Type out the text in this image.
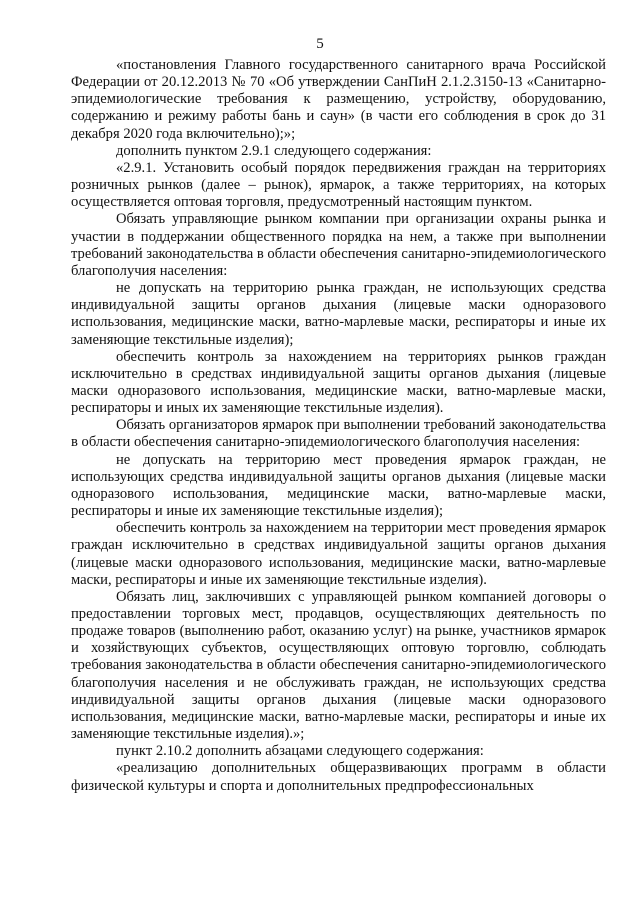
5

«постановления Главного государственного санитарного врача Российской Федерации от 20.12.2013 № 70 «Об утверждении СанПиН 2.1.2.3150-13 «Санитарно-эпидемиологические требования к размещению, устройству, оборудованию, содержанию и режиму работы бань и саун» (в части его соблюдения в срок до 31 декабря 2020 года включительно);»;

дополнить пунктом 2.9.1 следующего содержания:

«2.9.1. Установить особый порядок передвижения граждан на территориях розничных рынков (далее – рынок), ярмарок, а также территориях, на которых осуществляется оптовая торговля, предусмотренный настоящим пунктом.

Обязать управляющие рынком компании при организации охраны рынка и участии в поддержании общественного порядка на нем, а также при выполнении требований законодательства в области обеспечения санитарно-эпидемиологического благополучия населения:

не допускать на территорию рынка граждан, не использующих средства индивидуальной защиты органов дыхания (лицевые маски одноразового использования, медицинские маски, ватно-марлевые маски, респираторы и иные их заменяющие текстильные изделия);

обеспечить контроль за нахождением на территориях рынков граждан исключительно в средствах индивидуальной защиты органов дыхания (лицевые маски одноразового использования, медицинские маски, ватно-марлевые маски, респираторы и иных их заменяющие текстильные изделия).

Обязать организаторов ярмарок при выполнении требований законодательства в области обеспечения санитарно-эпидемиологического благополучия населения:

не допускать на территорию мест проведения ярмарок граждан, не использующих средства индивидуальной защиты органов дыхания (лицевые маски одноразового использования, медицинские маски, ватно-марлевые маски, респираторы и иные их заменяющие текстильные изделия);

обеспечить контроль за нахождением на территории мест проведения ярмарок граждан исключительно в средствах индивидуальной защиты органов дыхания (лицевые маски одноразового использования, медицинские маски, ватно-марлевые маски, респираторы и иные их заменяющие текстильные изделия).

Обязать лиц, заключивших с управляющей рынком компанией договоры о предоставлении торговых мест, продавцов, осуществляющих деятельность по продаже товаров (выполнению работ, оказанию услуг) на рынке, участников ярмарок и хозяйствующих субъектов, осуществляющих оптовую торговлю, соблюдать требования законодательства в области обеспечения санитарно-эпидемиологического благополучия населения и не обслуживать граждан, не использующих средства индивидуальной защиты органов дыхания (лицевые маски одноразового использования, медицинские маски, ватно-марлевые маски, респираторы и иные их заменяющие текстильные изделия).»;

пункт 2.10.2 дополнить абзацами следующего содержания:

«реализацию дополнительных общеразвивающих программ в области физической культуры и спорта и дополнительных предпрофессиональных
